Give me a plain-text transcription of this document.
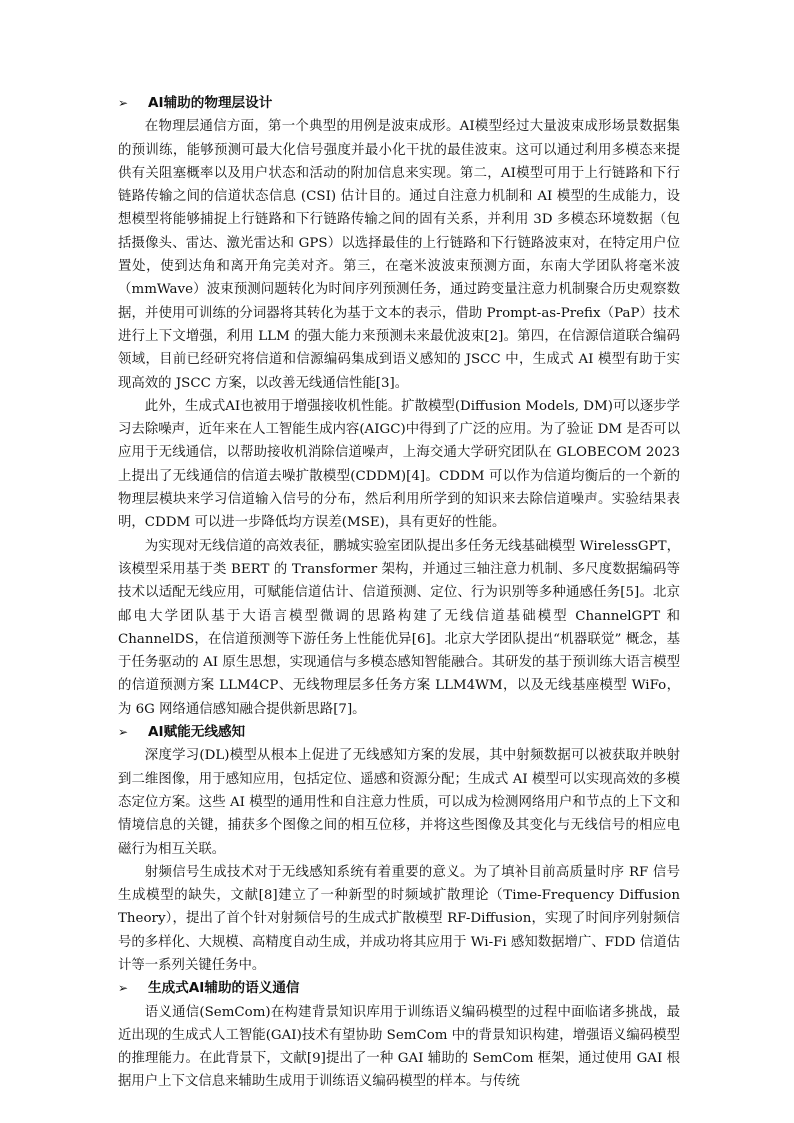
➢ AI辅助的物理层设计

在物理层通信方面，第一个典型的用例是波束成形。AI模型经过大量波束成形场景数据集的预训练，能够预测可最大化信号强度并最小化干扰的最佳波束。这可以通过利用多模态来提供有关阻塞概率以及用户状态和活动的附加信息来实现。第二，AI模型可用于上行链路和下行链路传输之间的信道状态信息 (CSI) 估计目的。通过自注意力机制和 AI 模型的生成能力，设想模型将能够捕捉上行链路和下行链路传输之间的固有关系，并利用 3D 多模态环境数据（包括摄像头、雷达、激光雷达和 GPS）以选择最佳的上行链路和下行链路波束对，在特定用户位置处，使到达角和离开角完美对齐。第三，在毫米波波束预测方面，东南大学团队将毫米波（mmWave）波束预测问题转化为时间序列预测任务，通过跨变量注意力机制聚合历史观察数据，并使用可训练的分词器将其转化为基于文本的表示，借助 Prompt-as-Prefix（PaP）技术进行上下文增强，利用 LLM 的强大能力来预测未来最优波束[2]。第四，在信源信道联合编码领域，目前已经研究将信道和信源编码集成到语义感知的 JSCC 中，生成式 AI 模型有助于实现高效的 JSCC 方案，以改善无线通信性能[3]。

此外，生成式AI也被用于增强接收机性能。扩散模型(Diffusion Models, DM)可以逐步学习去除噪声，近年来在人工智能生成内容(AIGC)中得到了广泛的应用。为了验证 DM 是否可以应用于无线通信，以帮助接收机消除信道噪声，上海交通大学研究团队在 GLOBECOM 2023 上提出了无线通信的信道去噪扩散模型(CDDM)[4]。CDDM 可以作为信道均衡后的一个新的物理层模块来学习信道输入信号的分布，然后利用所学到的知识来去除信道噪声。实验结果表明，CDDM 可以进一步降低均方误差(MSE)，具有更好的性能。

为实现对无线信道的高效表征，鹏城实验室团队提出多任务无线基础模型 WirelessGPT，该模型采用基于类 BERT 的 Transformer 架构，并通过三轴注意力机制、多尺度数据编码等技术以适配无线应用，可赋能信道估计、信道预测、定位、行为识别等多种通感任务[5]。北京邮电大学团队基于大语言模型微调的思路构建了无线信道基础模型 ChannelGPT 和 ChannelDS，在信道预测等下游任务上性能优异[6]。北京大学团队提出“机器联觉” 概念，基于任务驱动的 AI 原生思想，实现通信与多模态感知智能融合。其研发的基于预训练大语言模型的信道预测方案 LLM4CP、无线物理层多任务方案 LLM4WM，以及无线基座模型 WiFo，为 6G 网络通信感知融合提供新思路[7]。

➢ AI赋能无线感知

深度学习(DL)模型从根本上促进了无线感知方案的发展，其中射频数据可以被获取并映射到二维图像，用于感知应用，包括定位、遥感和资源分配；生成式 AI 模型可以实现高效的多模态定位方案。这些 AI 模型的通用性和自注意力性质，可以成为检测网络用户和节点的上下文和情境信息的关键，捕获多个图像之间的相互位移，并将这些图像及其变化与无线信号的相应电磁行为相互关联。

射频信号生成技术对于无线感知系统有着重要的意义。为了填补目前高质量时序 RF 信号生成模型的缺失，文献[8]建立了一种新型的时频域扩散理论（Time-Frequency Diffusion Theory），提出了首个针对射频信号的生成式扩散模型 RF-Diffusion，实现了时间序列射频信号的多样化、大规模、高精度自动生成，并成功将其应用于 Wi-Fi 感知数据增广、FDD 信道估计等一系列关键任务中。

➢ 生成式AI辅助的语义通信

语义通信(SemCom)在构建背景知识库用于训练语义编码模型的过程中面临诸多挑战，最近出现的生成式人工智能(GAI)技术有望协助 SemCom 中的背景知识构建，增强语义编码模型的推理能力。在此背景下，文献[9]提出了一种 GAI 辅助的 SemCom 框架，通过使用 GAI 根据用户上下文信息来辅助生成用于训练语义编码模型的样本。与传统
